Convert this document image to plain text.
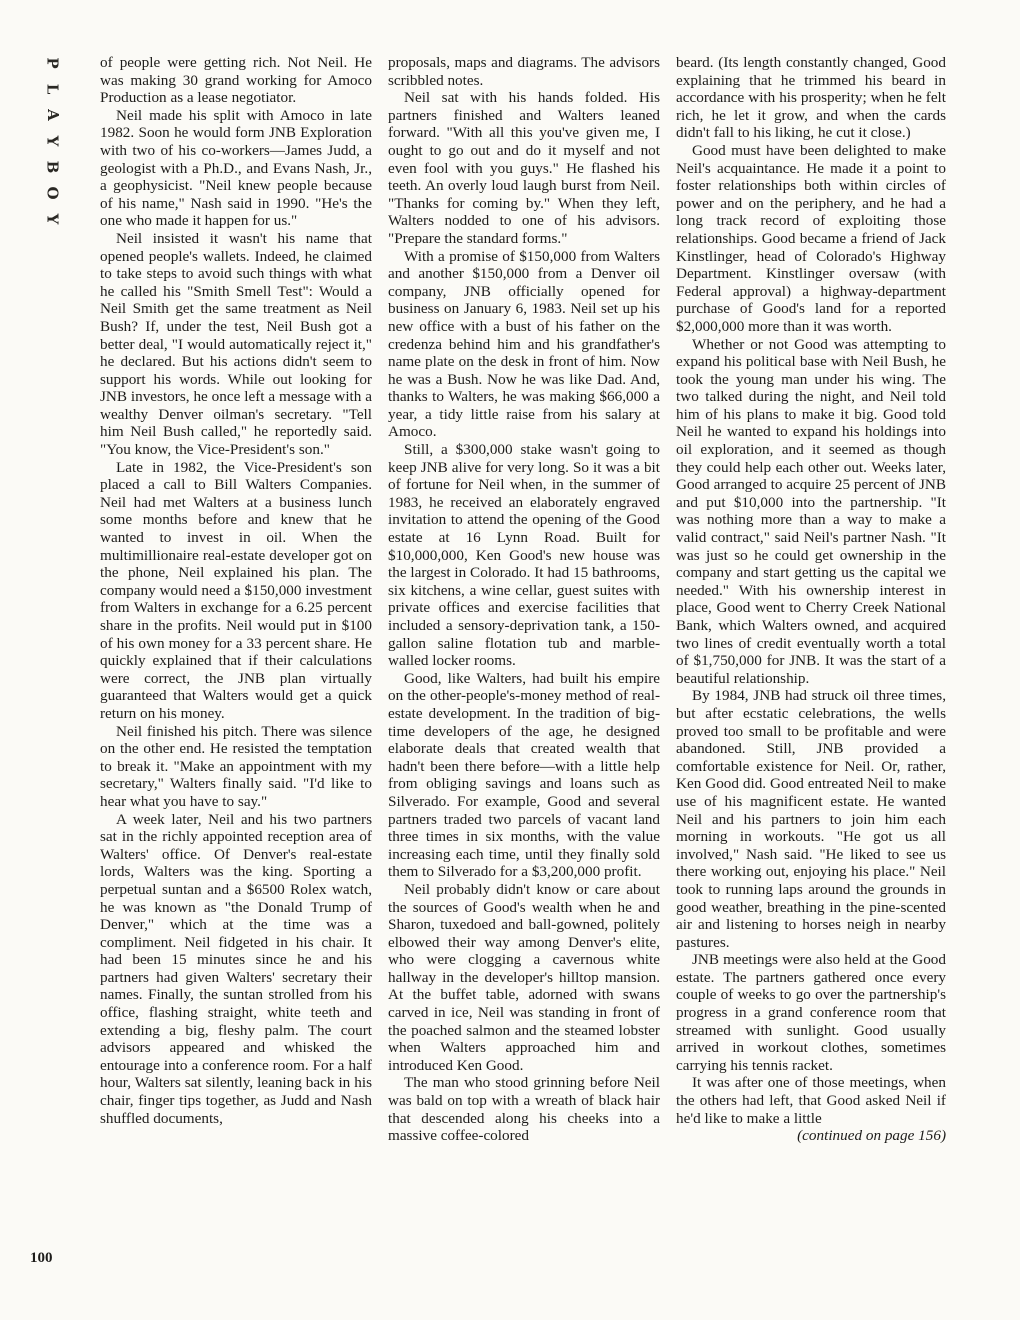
P
L
A
Y
B
O
Y

of people were getting rich. Not Neil. He was making 30 grand working for Amoco Production as a lease negotiator.

Neil made his split with Amoco in late 1982. Soon he would form JNB Exploration with two of his co-workers—James Judd, a geologist with a Ph.D., and Evans Nash, Jr., a geophysicist. "Neil knew people because of his name," Nash said in 1990. "He's the one who made it happen for us."

Neil insisted it wasn't his name that opened people's wallets. Indeed, he claimed to take steps to avoid such things with what he called his "Smith Smell Test": Would a Neil Smith get the same treatment as Neil Bush? If, under the test, Neil Bush got a better deal, "I would automatically reject it," he declared. But his actions didn't seem to support his words. While out looking for JNB investors, he once left a message with a wealthy Denver oilman's secretary. "Tell him Neil Bush called," he reportedly said. "You know, the Vice-President's son."

Late in 1982, the Vice-President's son placed a call to Bill Walters Companies. Neil had met Walters at a business lunch some months before and knew that he wanted to invest in oil. When the multimillionaire real-estate developer got on the phone, Neil explained his plan. The company would need a $150,000 investment from Walters in exchange for a 6.25 percent share in the profits. Neil would put in $100 of his own money for a 33 percent share. He quickly explained that if their calculations were correct, the JNB plan virtually guaranteed that Walters would get a quick return on his money.

Neil finished his pitch. There was silence on the other end. He resisted the temptation to break it. "Make an appointment with my secretary," Walters finally said. "I'd like to hear what you have to say."

A week later, Neil and his two partners sat in the richly appointed reception area of Walters' office. Of Denver's real-estate lords, Walters was the king. Sporting a perpetual suntan and a $6500 Rolex watch, he was known as "the Donald Trump of Denver," which at the time was a compliment. Neil fidgeted in his chair. It had been 15 minutes since he and his partners had given Walters' secretary their names. Finally, the suntan strolled from his office, flashing straight, white teeth and extending a big, fleshy palm. The court advisors appeared and whisked the entourage into a conference room. For a half hour, Walters sat silently, leaning back in his chair, finger tips together, as Judd and Nash shuffled documents,

proposals, maps and diagrams. The advisors scribbled notes.

Neil sat with his hands folded. His partners finished and Walters leaned forward. "With all this you've given me, I ought to go out and do it myself and not even fool with you guys." He flashed his teeth. An overly loud laugh burst from Neil. "Thanks for coming by." When they left, Walters nodded to one of his advisors. "Prepare the standard forms."

With a promise of $150,000 from Walters and another $150,000 from a Denver oil company, JNB officially opened for business on January 6, 1983. Neil set up his new office with a bust of his father on the credenza behind him and his grandfather's name plate on the desk in front of him. Now he was a Bush. Now he was like Dad. And, thanks to Walters, he was making $66,000 a year, a tidy little raise from his salary at Amoco.

Still, a $300,000 stake wasn't going to keep JNB alive for very long. So it was a bit of fortune for Neil when, in the summer of 1983, he received an elaborately engraved invitation to attend the opening of the Good estate at 16 Lynn Road. Built for $10,000,000, Ken Good's new house was the largest in Colorado. It had 15 bathrooms, six kitchens, a wine cellar, guest suites with private offices and exercise facilities that included a sensory-deprivation tank, a 150-gallon saline flotation tub and marble-walled locker rooms.

Good, like Walters, had built his empire on the other-people's-money method of real-estate development. In the tradition of big-time developers of the age, he designed elaborate deals that created wealth that hadn't been there before—with a little help from obliging savings and loans such as Silverado. For example, Good and several partners traded two parcels of vacant land three times in six months, with the value increasing each time, until they finally sold them to Silverado for a $3,200,000 profit.

Neil probably didn't know or care about the sources of Good's wealth when he and Sharon, tuxedoed and ball-gowned, politely elbowed their way among Denver's elite, who were clogging a cavernous white hallway in the developer's hilltop mansion. At the buffet table, adorned with swans carved in ice, Neil was standing in front of the poached salmon and the steamed lobster when Walters approached him and introduced Ken Good.

The man who stood grinning before Neil was bald on top with a wreath of black hair that descended along his cheeks into a massive coffee-colored

beard. (Its length constantly changed, Good explaining that he trimmed his beard in accordance with his prosperity; when he felt rich, he let it grow, and when the cards didn't fall to his liking, he cut it close.)

Good must have been delighted to make Neil's acquaintance. He made it a point to foster relationships both within circles of power and on the periphery, and he had a long track record of exploiting those relationships. Good became a friend of Jack Kinstlinger, head of Colorado's Highway Department. Kinstlinger oversaw (with Federal approval) a highway-department purchase of Good's land for a reported $2,000,000 more than it was worth.

Whether or not Good was attempting to expand his political base with Neil Bush, he took the young man under his wing. The two talked during the night, and Neil told him of his plans to make it big. Good told Neil he wanted to expand his holdings into oil exploration, and it seemed as though they could help each other out. Weeks later, Good arranged to acquire 25 percent of JNB and put $10,000 into the partnership. "It was nothing more than a way to make a valid contract," said Neil's partner Nash. "It was just so he could get ownership in the company and start getting us the capital we needed." With his ownership interest in place, Good went to Cherry Creek National Bank, which Walters owned, and acquired two lines of credit eventually worth a total of $1,750,000 for JNB. It was the start of a beautiful relationship.

By 1984, JNB had struck oil three times, but after ecstatic celebrations, the wells proved too small to be profitable and were abandoned. Still, JNB provided a comfortable existence for Neil. Or, rather, Ken Good did. Good entreated Neil to make use of his magnificent estate. He wanted Neil and his partners to join him each morning in workouts. "He got us all involved," Nash said. "He liked to see us there working out, enjoying his place." Neil took to running laps around the grounds in good weather, breathing in the pine-scented air and listening to horses neigh in nearby pastures.

JNB meetings were also held at the Good estate. The partners gathered once every couple of weeks to go over the partnership's progress in a grand conference room that streamed with sunlight. Good usually arrived in workout clothes, sometimes carrying his tennis racket.

It was after one of those meetings, when the others had left, that Good asked Neil if he'd like to make a little

(continued on page 156)
100
